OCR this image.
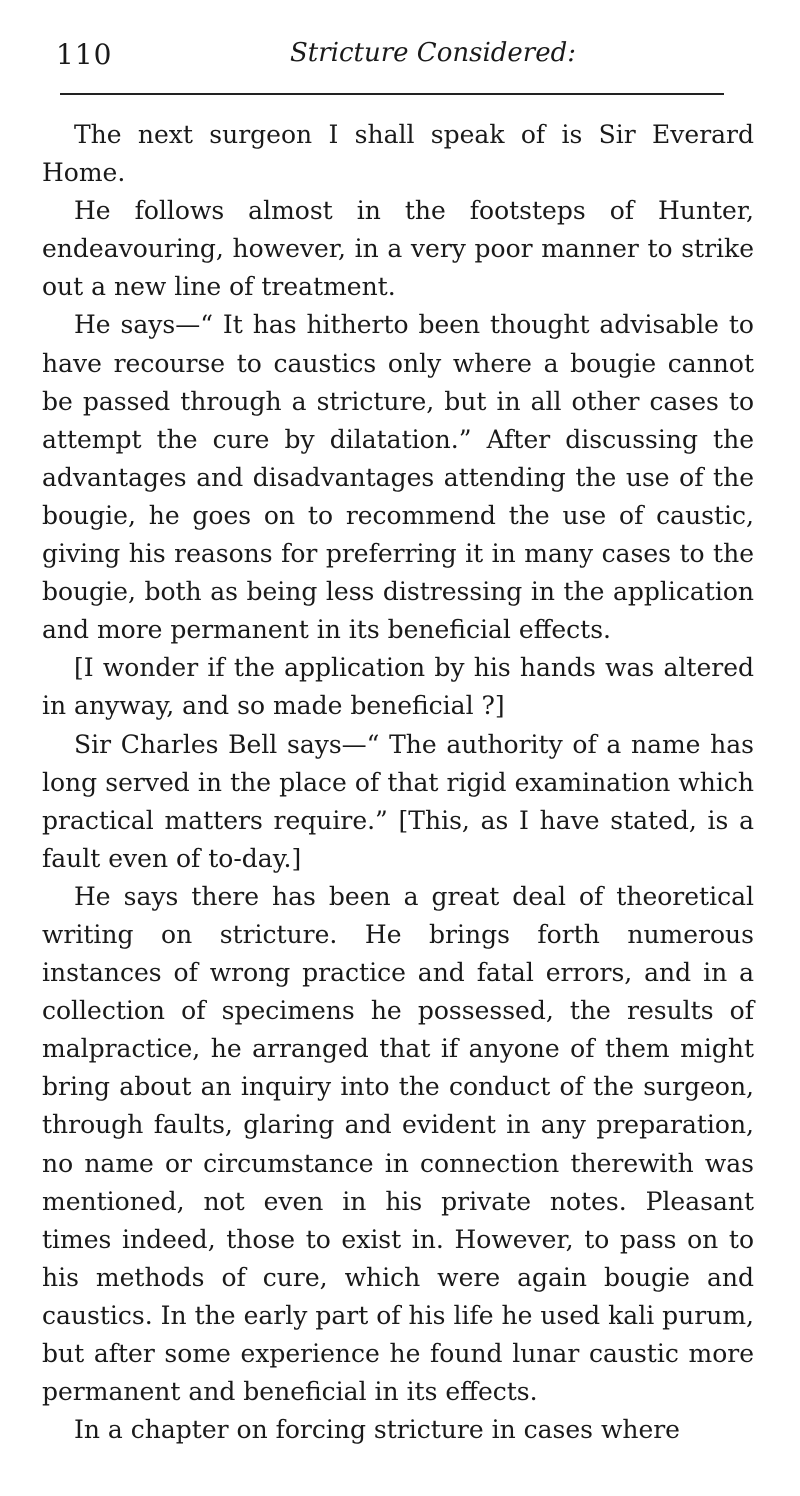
110	Stricture Considered:

The next surgeon I shall speak of is Sir Everard Home.

He follows almost in the footsteps of Hunter, endeavouring, however, in a very poor manner to strike out a new line of treatment.

He says—“ It has hitherto been thought advisable to have recourse to caustics only where a bougie cannot be passed through a stricture, but in all other cases to attempt the cure by dilatation.” After discussing the advantages and disadvantages attending the use of the bougie, he goes on to recommend the use of caustic, giving his reasons for preferring it in many cases to the bougie, both as being less distressing in the application and more permanent in its beneficial effects.

[I wonder if the application by his hands was altered in anyway, and so made beneficial ?]

Sir Charles Bell says—“ The authority of a name has long served in the place of that rigid examination which practical matters require.” [This, as I have stated, is a fault even of to-day.]

He says there has been a great deal of theoretical writing on stricture. He brings forth numerous instances of wrong practice and fatal errors, and in a collection of specimens he possessed, the results of malpractice, he arranged that if anyone of them might bring about an inquiry into the conduct of the surgeon, through faults, glaring and evident in any preparation, no name or circumstance in connection therewith was mentioned, not even in his private notes. Pleasant times indeed, those to exist in. However, to pass on to his methods of cure, which were again bougie and caustics. In the early part of his life he used kali purum, but after some experience he found lunar caustic more permanent and beneficial in its effects.

In a chapter on forcing stricture in cases where
